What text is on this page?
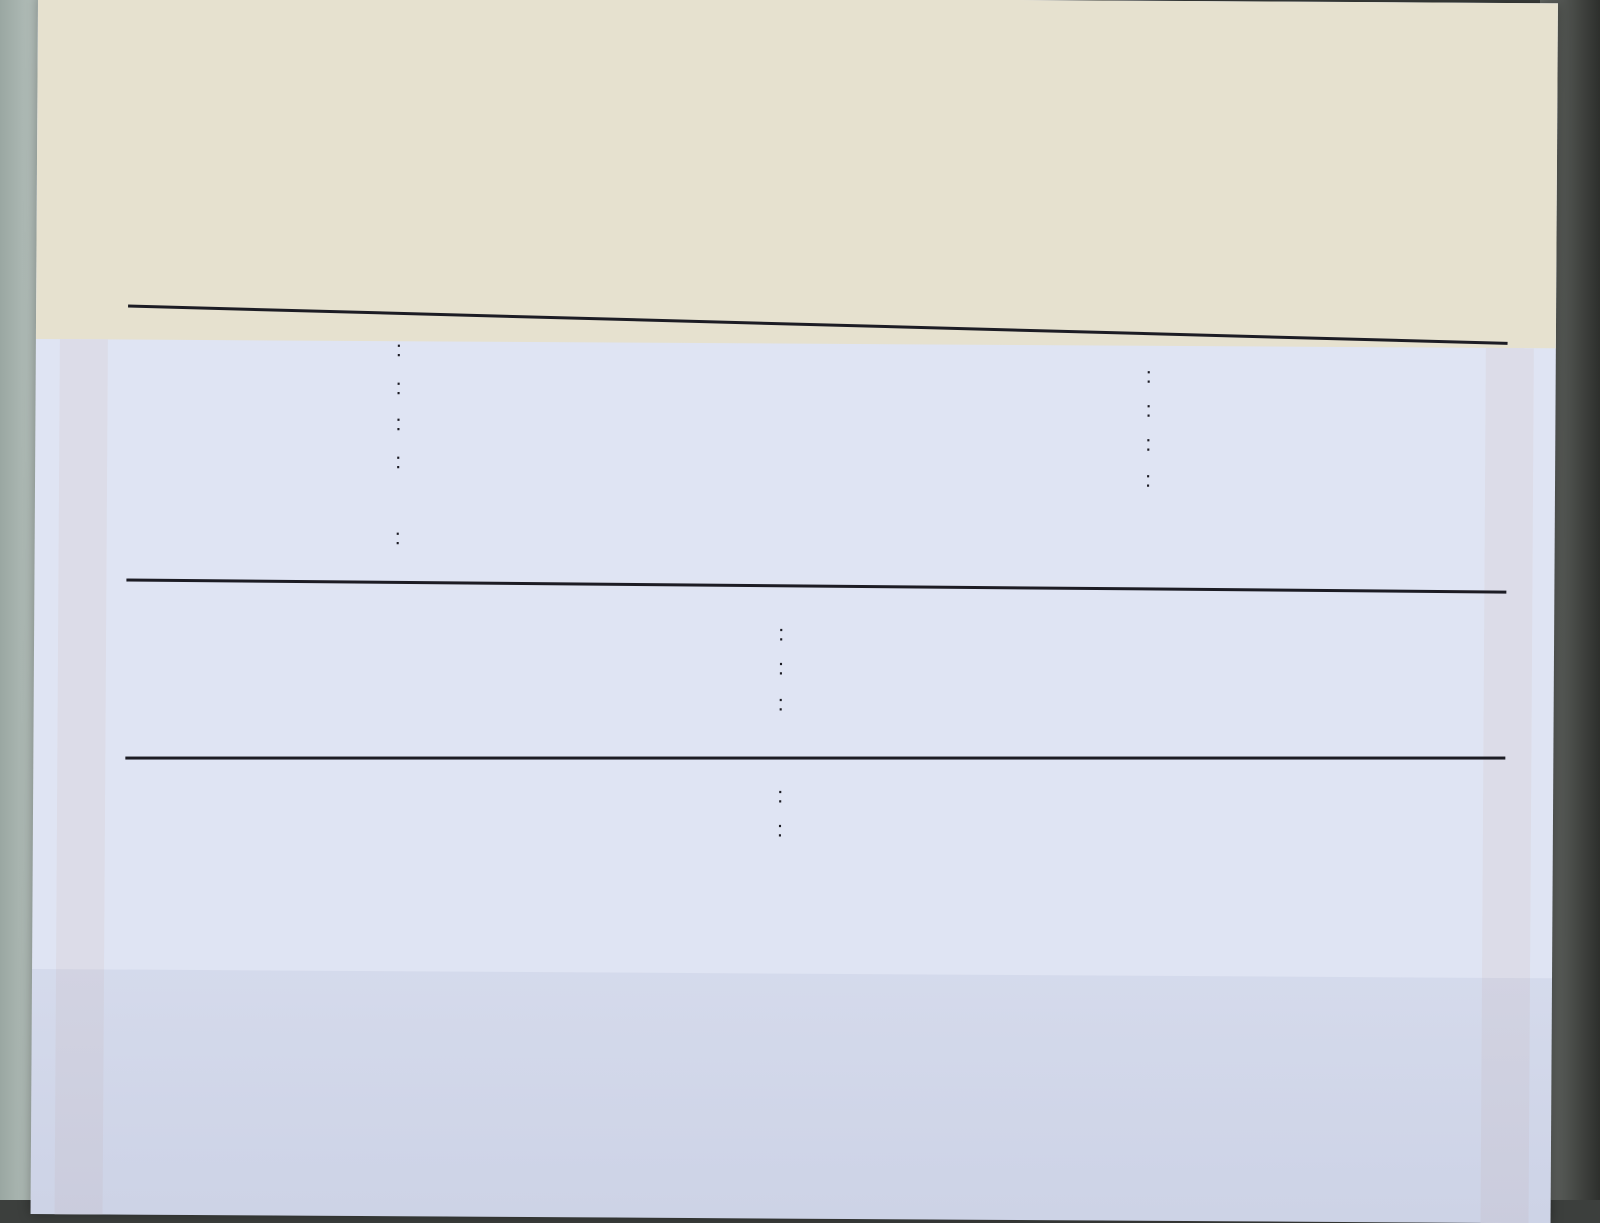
:
:
:
:
:
:
:
:
:
:
:
:
:
:
